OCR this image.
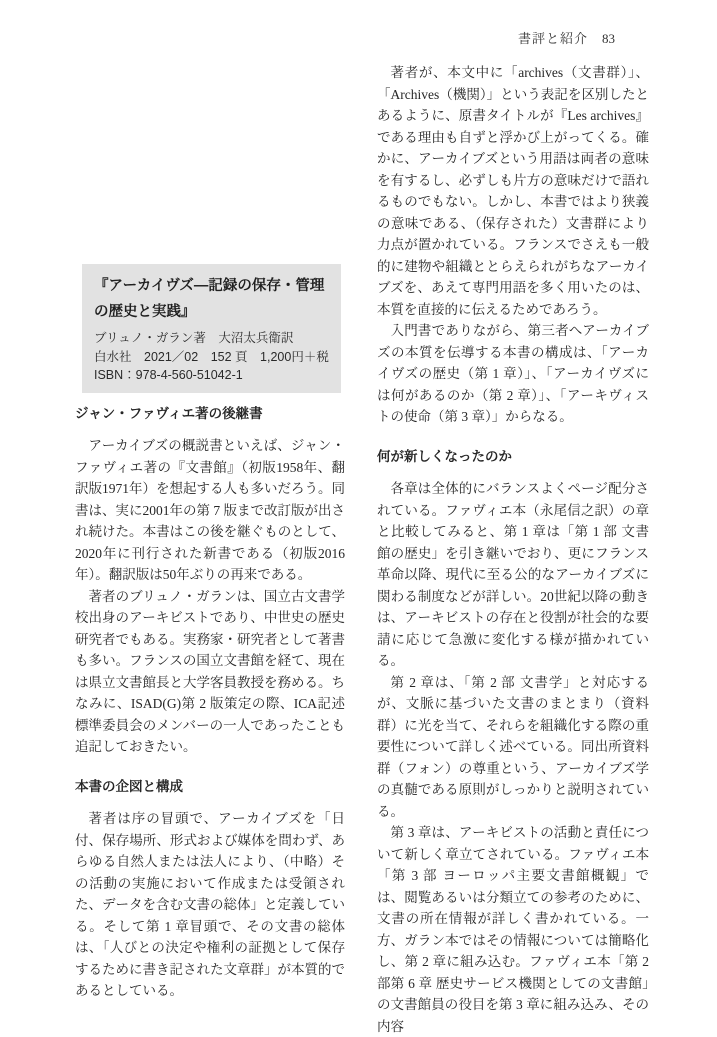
書評と紹介 83
『アーカイヴズ―記録の保存・管理の歴史と実践』
ブリュノ・ガラン著　大沼太兵衛訳
白水社　2021／02　152 頁　1,200円＋税
ISBN：978-4-560-51042-1
ジャン・ファヴィエ著の後継書

アーカイブズの概説書といえば、ジャン・ファヴィエ著の『文書館』（初版1958年、翻訳版1971年）を想起する人も多いだろう。同書は、実に2001年の第 7 版まで改訂版が出され続けた。本書はこの後を継ぐものとして、2020年に刊行された新書である（初版2016年）。翻訳版は50年ぶりの再来である。

著者のブリュノ・ガランは、国立古文書学校出身のアーキビストであり、中世史の歴史研究者でもある。実務家・研究者として著書も多い。フランスの国立文書館を経て、現在は県立文書館長と大学客員教授を務める。ちなみに、ISAD(G)第 2 版策定の際、ICA記述標準委員会のメンバーの一人であったことも追記しておきたい。

本書の企図と構成

著者は序の冒頭で、アーカイブズを「日付、保存場所、形式および媒体を問わず、あらゆる自然人または法人により、（中略）その活動の実施において作成または受領された、データを含む文書の総体」と定義している。そして第 1 章冒頭で、その文書の総体は、「人びとの決定や権利の証拠として保存するために書き記された文章群」が本質的であるとしている。

著者が、本文中に「archives（文書群）」、「Archives（機関）」という表記を区別したとあるように、原書タイトルが『Les archives』である理由も自ずと浮かび上がってくる。確かに、アーカイブズという用語は両者の意味を有するし、必ずしも片方の意味だけで語れるものでもない。しかし、本書ではより狭義の意味である、（保存された）文書群により力点が置かれている。フランスでさえも一般的に建物や組織ととらえられがちなアーカイブズを、あえて専門用語を多く用いたのは、本質を直接的に伝えるためであろう。

入門書でありながら、第三者へアーカイブズの本質を伝導する本書の構成は、「アーカイヴズの歴史（第 1 章）」、「アーカイヴズには何があるのか（第 2 章）」、「アーキヴィストの使命（第 3 章）」からなる。

何が新しくなったのか

各章は全体的にバランスよくページ配分されている。ファヴィエ本（永尾信之訳）の章と比較してみると、第 1 章は「第 1 部 文書館の歴史」を引き継いでおり、更にフランス革命以降、現代に至る公的なアーカイブズに関わる制度などが詳しい。20世紀以降の動きは、アーキビストの存在と役割が社会的な要請に応じて急激に変化する様が描かれている。

第 2 章は、「第 2 部 文書学」と対応するが、文脈に基づいた文書のまとまり（資料群）に光を当て、それらを組織化する際の重要性について詳しく述べている。同出所資料群（フォン）の尊重という、アーカイブズ学の真髄である原則がしっかりと説明されている。

第 3 章は、アーキビストの活動と責任について新しく章立てされている。ファヴィエ本「第 3 部 ヨーロッパ主要文書館概観」では、閲覧あるいは分類立ての参考のために、文書の所在情報が詳しく書かれている。一方、ガラン本ではその情報については簡略化し、第 2 章に組み込む。ファヴィエ本「第 2 部第 6 章 歴史サービス機関としての文書館」の文書館員の役目を第 3 章に組み込み、その内容
